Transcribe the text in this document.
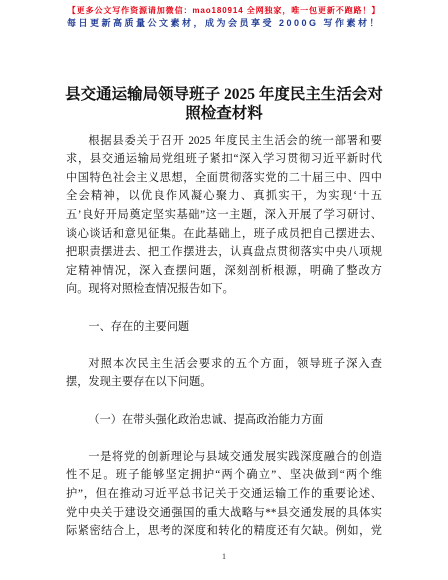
【更多公文写作资源请加微信：mao180914 全网独家，唯一包更新不跑路！】
每日更新高质量公文素材，成为会员享受 2000G 写作素材！
县交通运输局领导班子 2025 年度民主生活会对
照检查材料
根据县委关于召开 2025 年度民主生活会的统一部署和要
求，县交通运输局党组班子紧扣“深入学习贯彻习近平新时代
中国特色社会主义思想，全面贯彻落实党的二十届三中、四中
全会精神，以优良作风凝心聚力、真抓实干，为实现‘十五
五’良好开局奠定坚实基础”这一主题，深入开展了学习研讨、
谈心谈话和意见征集。在此基础上，班子成员把自己摆进去、
把职责摆进去、把工作摆进去，认真盘点贯彻落实中央八项规
定精神情况，深入查摆问题，深刻剖析根源，明确了整改方
向。现将对照检查情况报告如下。
一、存在的主要问题
对照本次民主生活会要求的五个方面，领导班子深入查
摆，发现主要存在以下问题。
（一）在带头强化政治忠诚、提高政治能力方面
一是将党的创新理论与县域交通发展实践深度融合的创造
性不足。班子能够坚定拥护“两个确立”、坚决做到“两个维
护”，但在推动习近平总书记关于交通运输工作的重要论述、
党中央关于建设交通强国的重大战略与**县交通发展的具体实
际紧密结合上，思考的深度和转化的精度还有欠缺。例如，党
1
